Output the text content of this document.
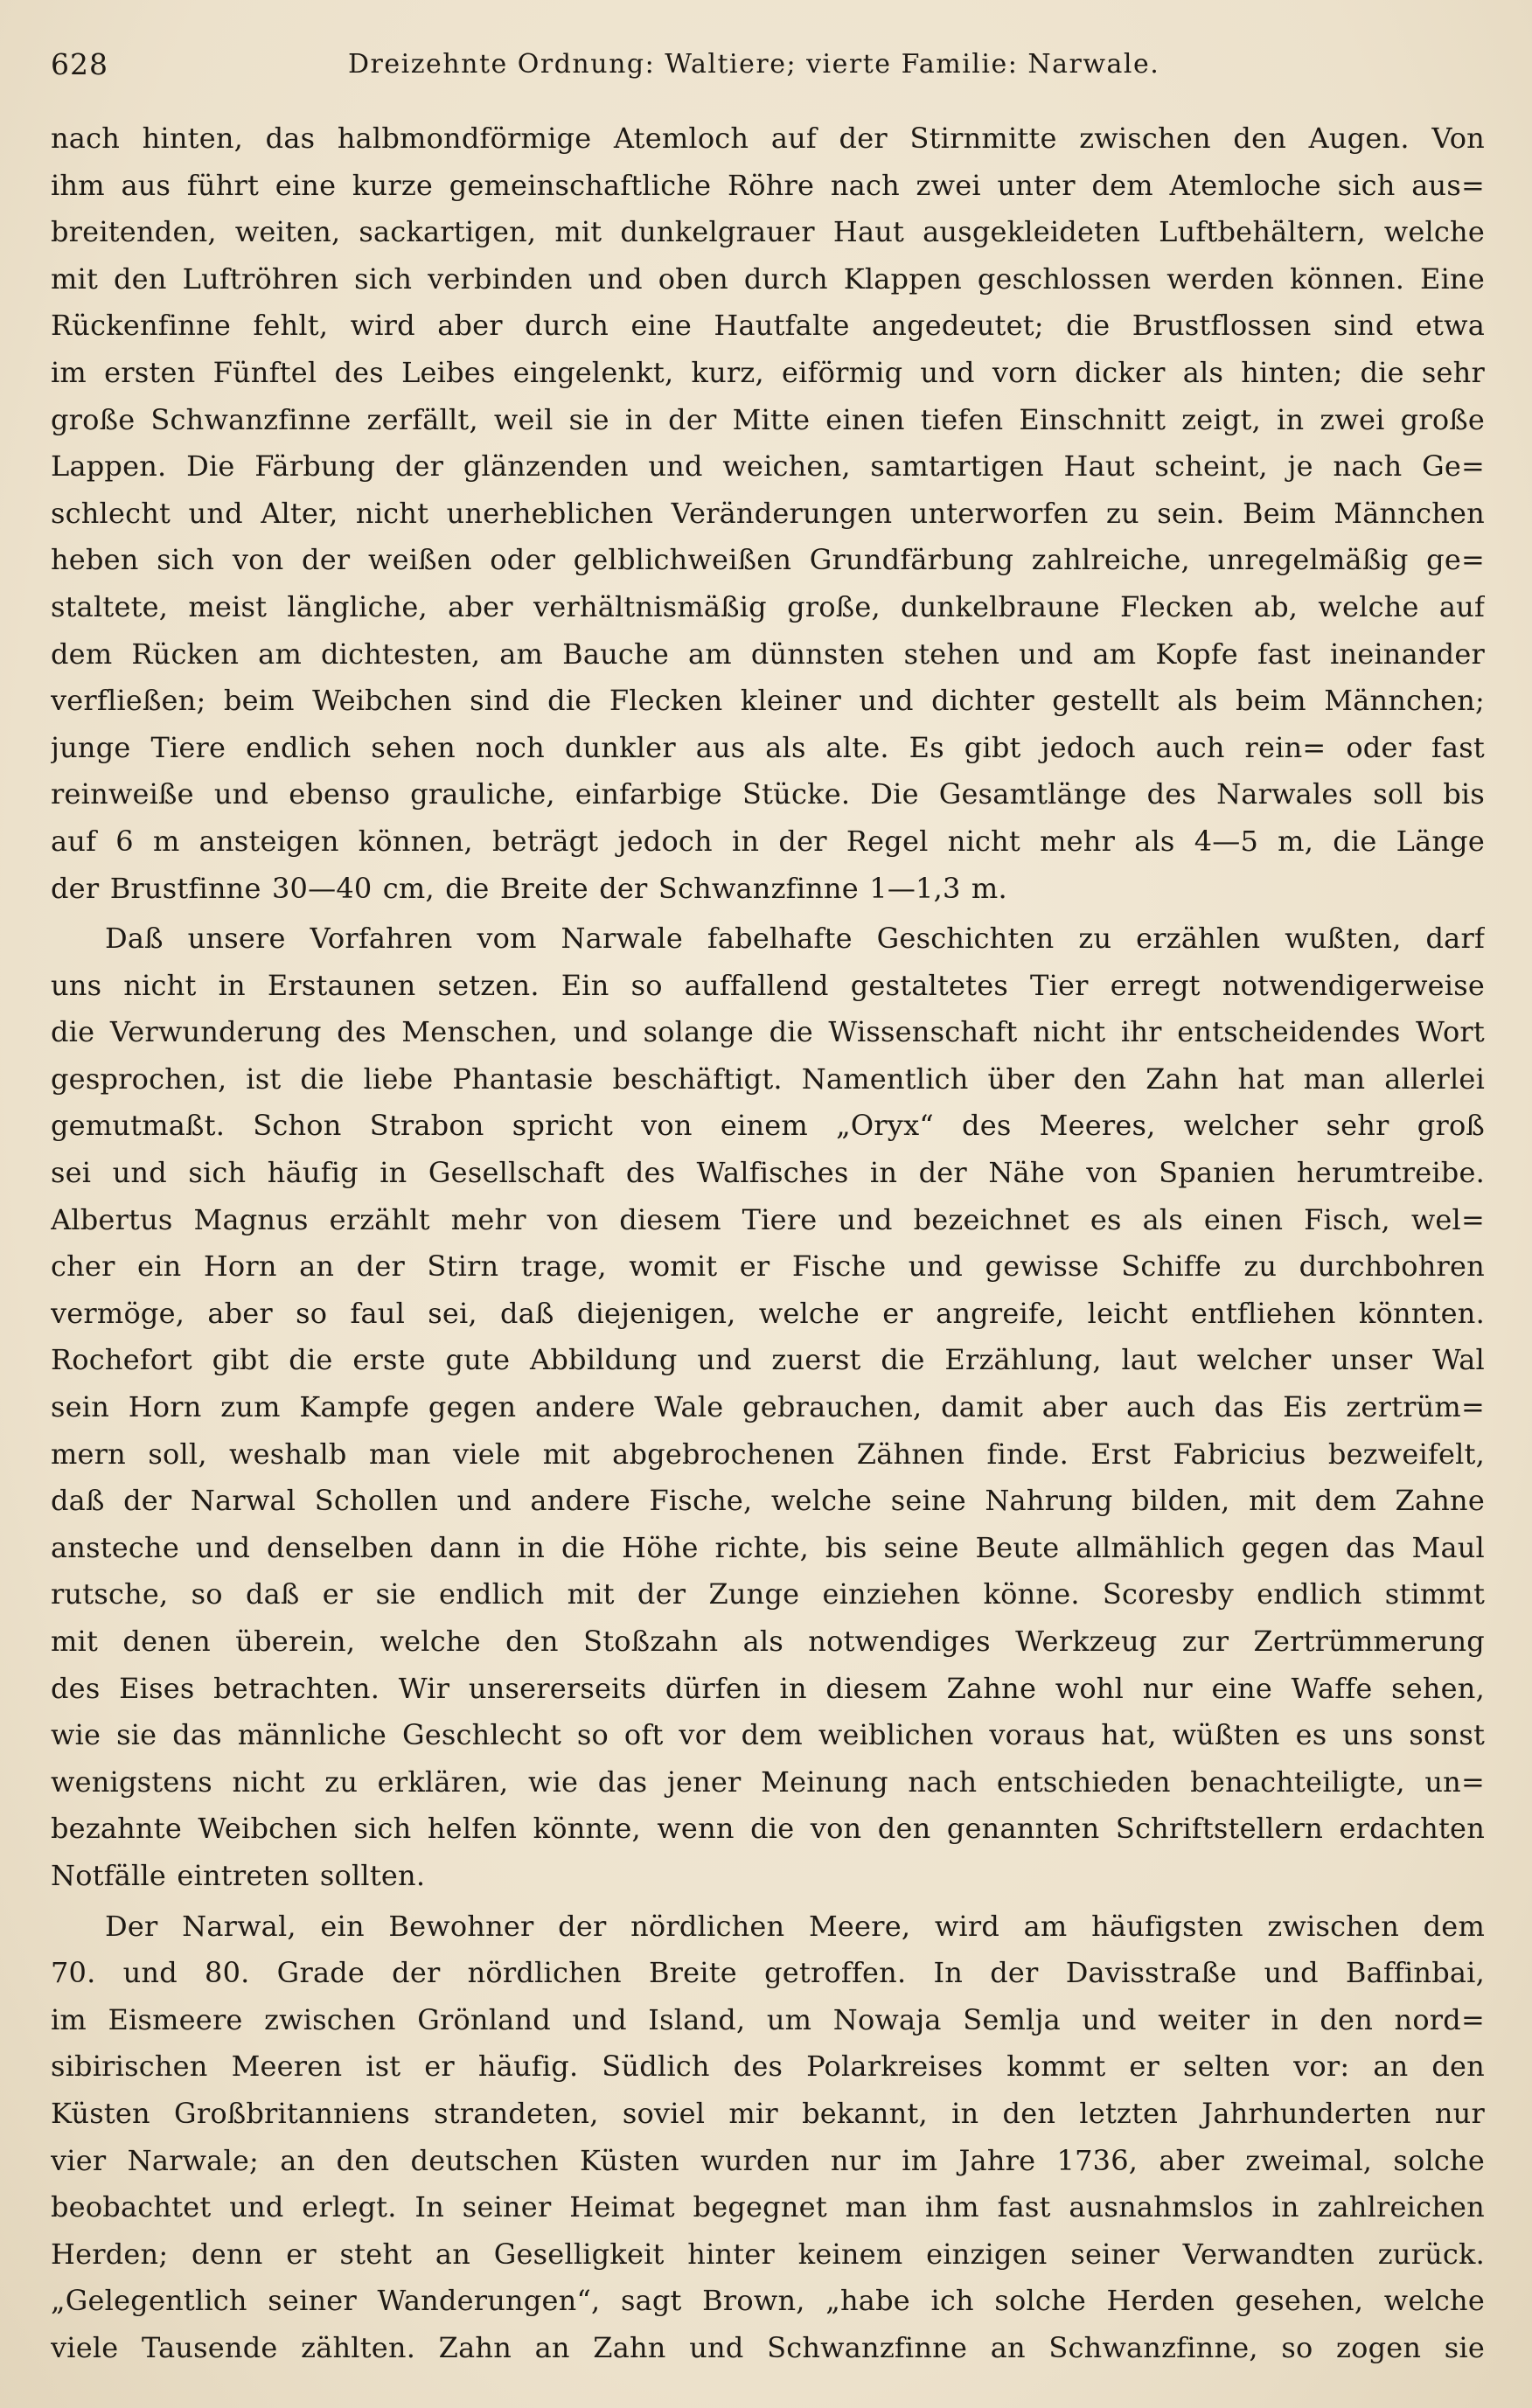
628	Dreizehnte Ordnung: Waltiere; vierte Familie: Narwale.
nach hinten, das halbmondförmige Atemloch auf der Stirnmitte zwischen den Augen. Von
ihm aus führt eine kurze gemeinschaftliche Röhre nach zwei unter dem Atemloche sich aus=
breitenden, weiten, sackartigen, mit dunkelgrauer Haut ausgekleideten Luftbehältern, welche
mit den Luftröhren sich verbinden und oben durch Klappen geschlossen werden können. Eine
Rückenfinne fehlt, wird aber durch eine Hautfalte angedeutet; die Brustflossen sind etwa
im ersten Fünftel des Leibes eingelenkt, kurz, eiförmig und vorn dicker als hinten; die sehr
große Schwanzfinne zerfällt, weil sie in der Mitte einen tiefen Einschnitt zeigt, in zwei große
Lappen. Die Färbung der glänzenden und weichen, samtartigen Haut scheint, je nach Ge=
schlecht und Alter, nicht unerheblichen Veränderungen unterworfen zu sein. Beim Männchen
heben sich von der weißen oder gelblichweißen Grundfärbung zahlreiche, unregelmäßig ge=
staltete, meist längliche, aber verhältnismäßig große, dunkelbraune Flecken ab, welche auf
dem Rücken am dichtesten, am Bauche am dünnsten stehen und am Kopfe fast ineinander
verfließen; beim Weibchen sind die Flecken kleiner und dichter gestellt als beim Männchen;
junge Tiere endlich sehen noch dunkler aus als alte. Es gibt jedoch auch rein= oder fast
reinweiße und ebenso grauliche, einfarbige Stücke. Die Gesamtlänge des Narwales soll bis
auf 6 m ansteigen können, beträgt jedoch in der Regel nicht mehr als 4—5 m, die Länge
der Brustfinne 30—40 cm, die Breite der Schwanzfinne 1—1,3 m.
Daß unsere Vorfahren vom Narwale fabelhafte Geschichten zu erzählen wußten, darf
uns nicht in Erstaunen setzen. Ein so auffallend gestaltetes Tier erregt notwendigerweise
die Verwunderung des Menschen, und solange die Wissenschaft nicht ihr entscheidendes Wort
gesprochen, ist die liebe Phantasie beschäftigt. Namentlich über den Zahn hat man allerlei
gemutmaßt. Schon Strabon spricht von einem „Oryx“ des Meeres, welcher sehr groß
sei und sich häufig in Gesellschaft des Walfisches in der Nähe von Spanien herumtreibe.
Albertus Magnus erzählt mehr von diesem Tiere und bezeichnet es als einen Fisch, wel=
cher ein Horn an der Stirn trage, womit er Fische und gewisse Schiffe zu durchbohren
vermöge, aber so faul sei, daß diejenigen, welche er angreife, leicht entfliehen könnten.
Rochefort gibt die erste gute Abbildung und zuerst die Erzählung, laut welcher unser Wal
sein Horn zum Kampfe gegen andere Wale gebrauchen, damit aber auch das Eis zertrüm=
mern soll, weshalb man viele mit abgebrochenen Zähnen finde. Erst Fabricius bezweifelt,
daß der Narwal Schollen und andere Fische, welche seine Nahrung bilden, mit dem Zahne
ansteche und denselben dann in die Höhe richte, bis seine Beute allmählich gegen das Maul
rutsche, so daß er sie endlich mit der Zunge einziehen könne. Scoresby endlich stimmt
mit denen überein, welche den Stoßzahn als notwendiges Werkzeug zur Zertrümmerung
des Eises betrachten. Wir unsererseits dürfen in diesem Zahne wohl nur eine Waffe sehen,
wie sie das männliche Geschlecht so oft vor dem weiblichen voraus hat, wüßten es uns sonst
wenigstens nicht zu erklären, wie das jener Meinung nach entschieden benachteiligte, un=
bezahnte Weibchen sich helfen könnte, wenn die von den genannten Schriftstellern erdachten
Notfälle eintreten sollten.
Der Narwal, ein Bewohner der nördlichen Meere, wird am häufigsten zwischen dem
70. und 80. Grade der nördlichen Breite getroffen. In der Davisstraße und Baffinbai,
im Eismeere zwischen Grönland und Island, um Nowaja Semlja und weiter in den nord=
sibirischen Meeren ist er häufig. Südlich des Polarkreises kommt er selten vor: an den
Küsten Großbritanniens strandeten, soviel mir bekannt, in den letzten Jahrhunderten nur
vier Narwale; an den deutschen Küsten wurden nur im Jahre 1736, aber zweimal, solche
beobachtet und erlegt. In seiner Heimat begegnet man ihm fast ausnahmslos in zahlreichen
Herden; denn er steht an Geselligkeit hinter keinem einzigen seiner Verwandten zurück.
„Gelegentlich seiner Wanderungen“, sagt Brown, „habe ich solche Herden gesehen, welche
viele Tausende zählten. Zahn an Zahn und Schwanzfinne an Schwanzfinne, so zogen sie
